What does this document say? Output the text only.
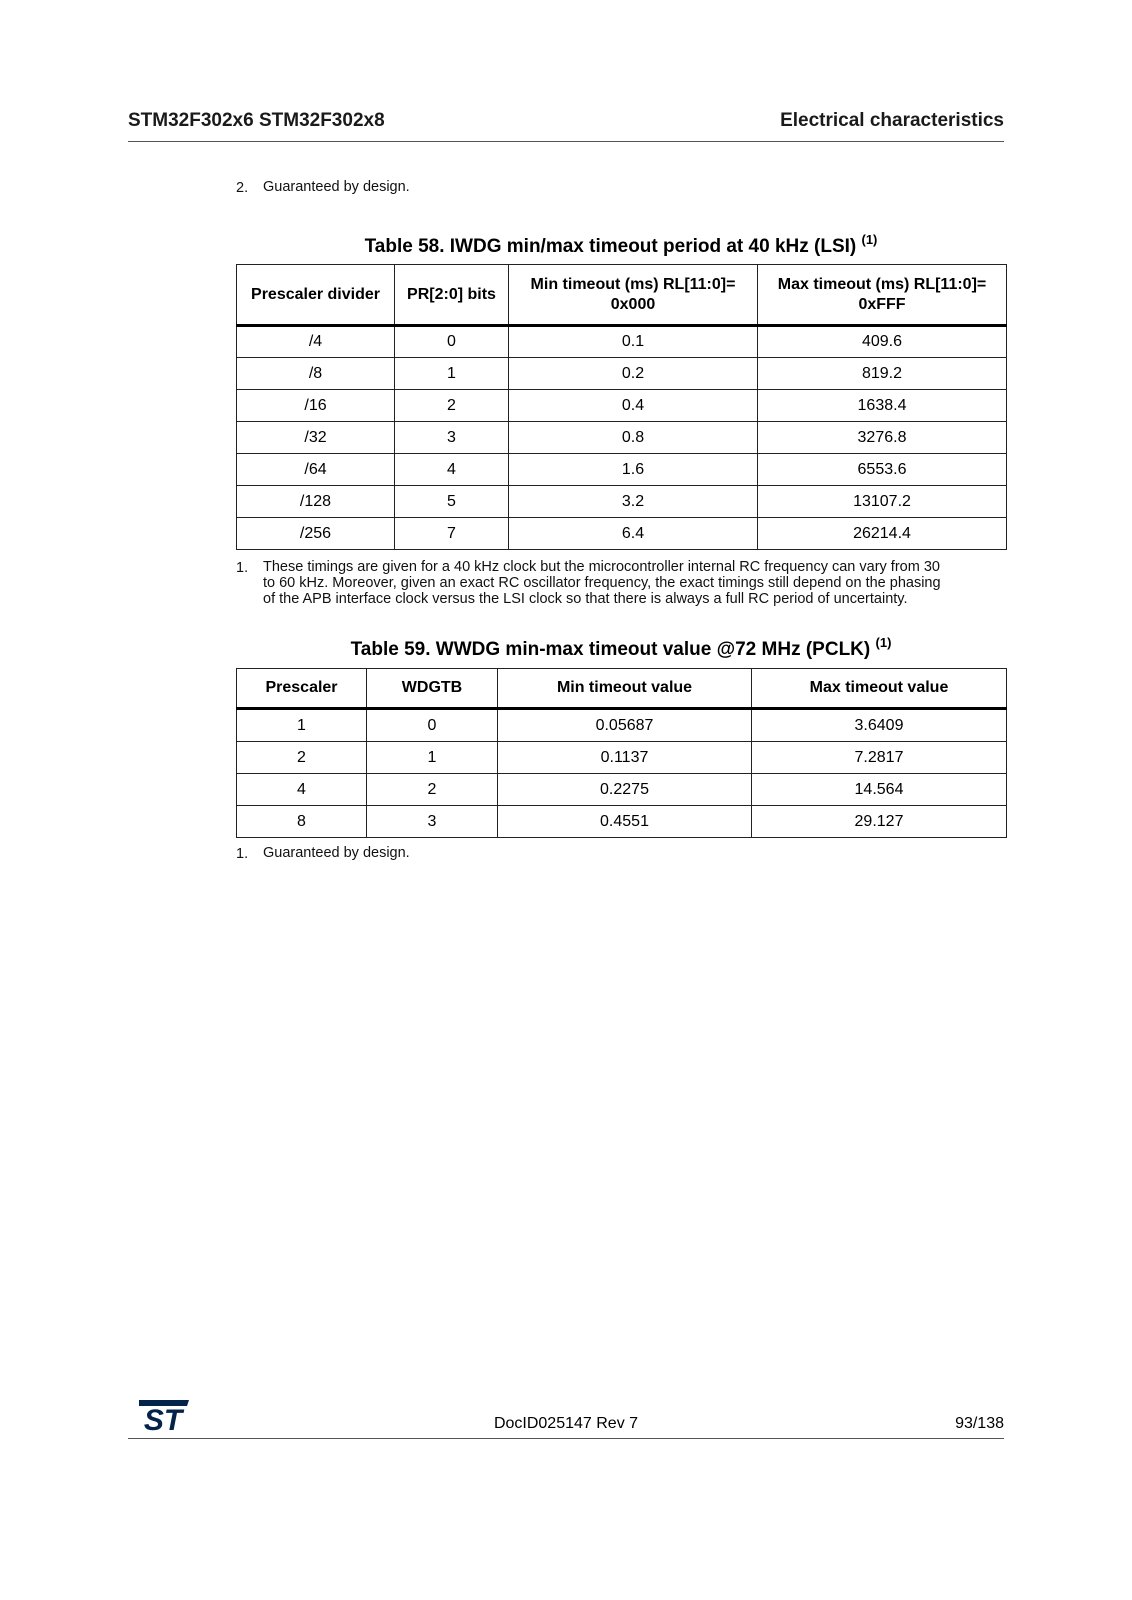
STM32F302x6 STM32F302x8	Electrical characteristics
2. Guaranteed by design.
Table 58. IWDG min/max timeout period at 40 kHz (LSI) $^{(1)}$
Prescaler divider	PR[2:0] bits	Min timeout (ms) RL[11:0]= 0x000	Max timeout (ms) RL[11:0]= 0xFFF
/4	0	0.1	409.6
/8	1	0.2	819.2
/16	2	0.4	1638.4
/32	3	0.8	3276.8
/64	4	1.6	6553.6
/128	5	3.2	13107.2
/256	7	6.4	26214.4
1. These timings are given for a 40 kHz clock but the microcontroller internal RC frequency can vary from 30
to 60 kHz. Moreover, given an exact RC oscillator frequency, the exact timings still depend on the phasing
of the APB interface clock versus the LSI clock so that there is always a full RC period of uncertainty.
Table 59. WWDG min-max timeout value @72 MHz (PCLK) $^{(1)}$
Prescaler	WDGTB	Min timeout value	Max timeout value
1	0	0.05687	3.6409
2	1	0.1137	7.2817
4	2	0.2275	14.564
8	3	0.4551	29.127
1. Guaranteed by design.
ST	DocID025147 Rev 7	93/138
